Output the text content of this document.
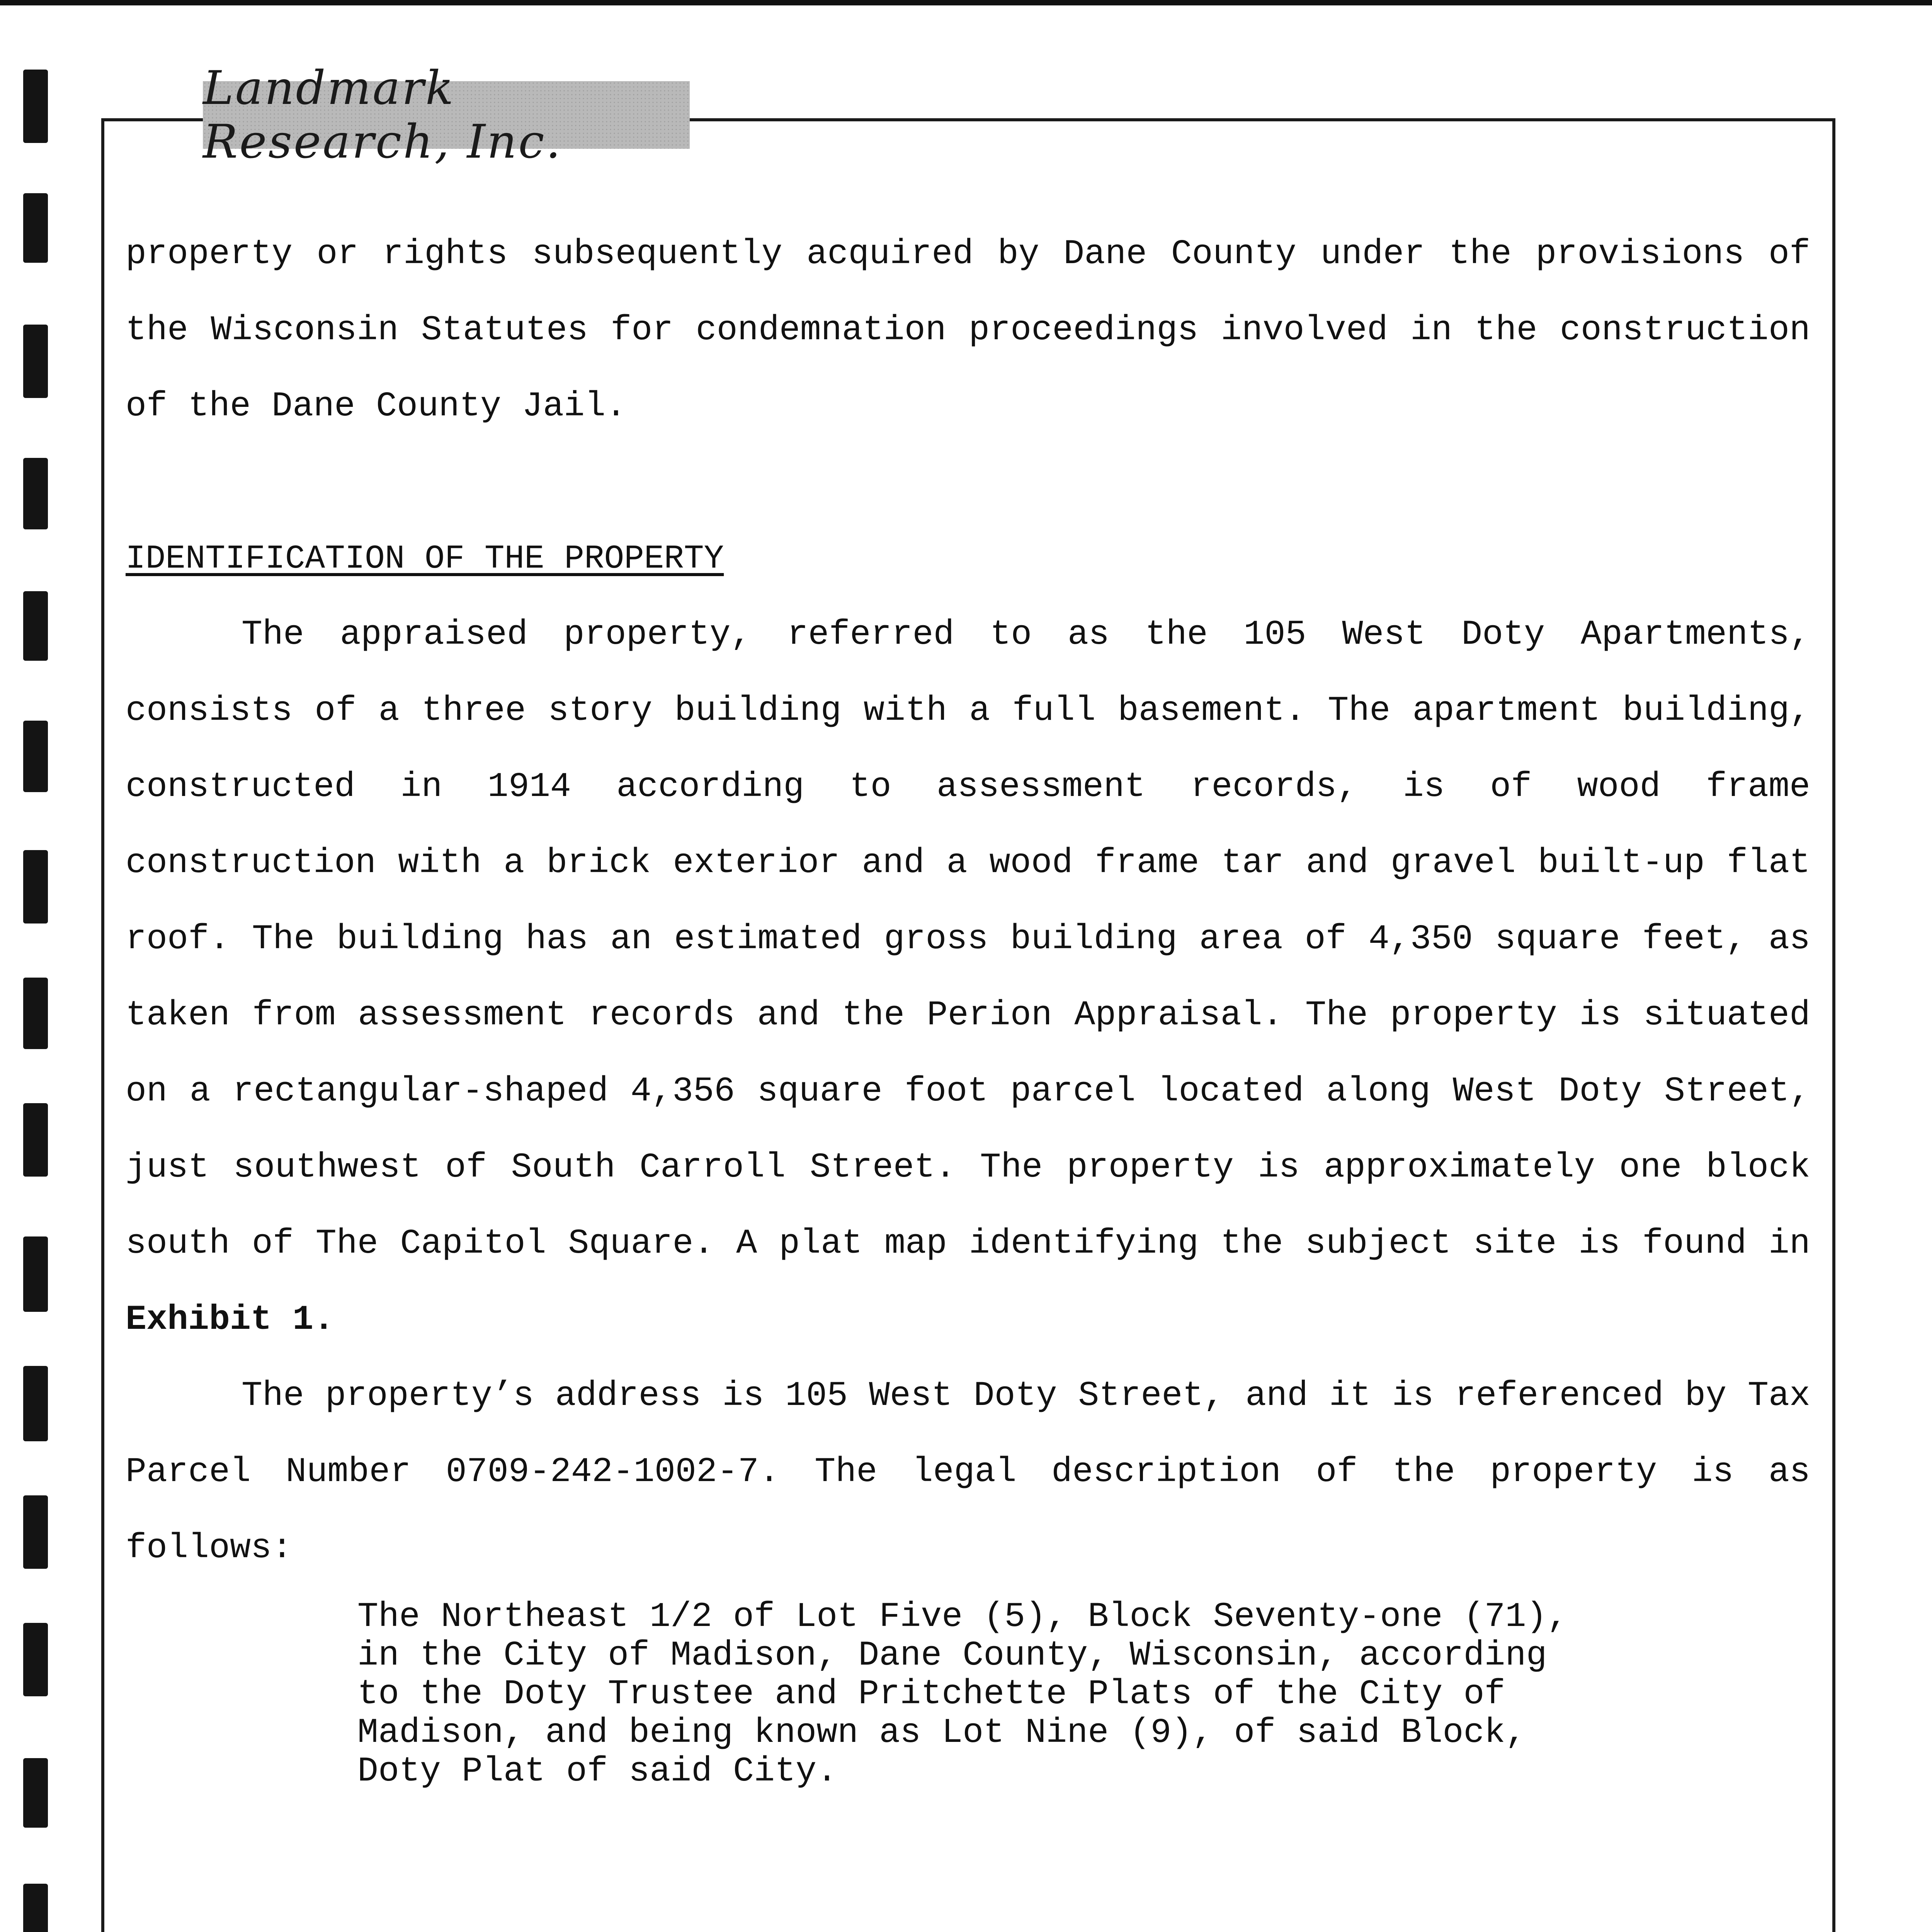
Landmark Research, Inc.

property or rights subsequently acquired by Dane County under the provisions of the Wisconsin Statutes for condemnation proceedings involved in the construction of the Dane County Jail.

IDENTIFICATION OF THE PROPERTY

The appraised property, referred to as the 105 West Doty Apartments, consists of a three story building with a full basement. The apartment building, constructed in 1914 according to assessment records, is of wood frame construction with a brick exterior and a wood frame tar and gravel built-up flat roof. The building has an estimated gross building area of 4,350 square feet, as taken from assessment records and the Perion Appraisal. The property is situated on a rectangular-shaped 4,356 square foot parcel located along West Doty Street, just southwest of South Carroll Street. The property is approximately one block south of The Capitol Square. A plat map identifying the subject site is found in Exhibit 1.

The property’s address is 105 West Doty Street, and it is referenced by Tax Parcel Number 0709-242-1002-7. The legal description of the property is as follows:

The Northeast 1/2 of Lot Five (5), Block Seventy-one (71),
in the City of Madison, Dane County, Wisconsin, according
to the Doty Trustee and Pritchette Plats of the City of
Madison, and being known as Lot Nine (9), of said Block,
Doty Plat of said City.
